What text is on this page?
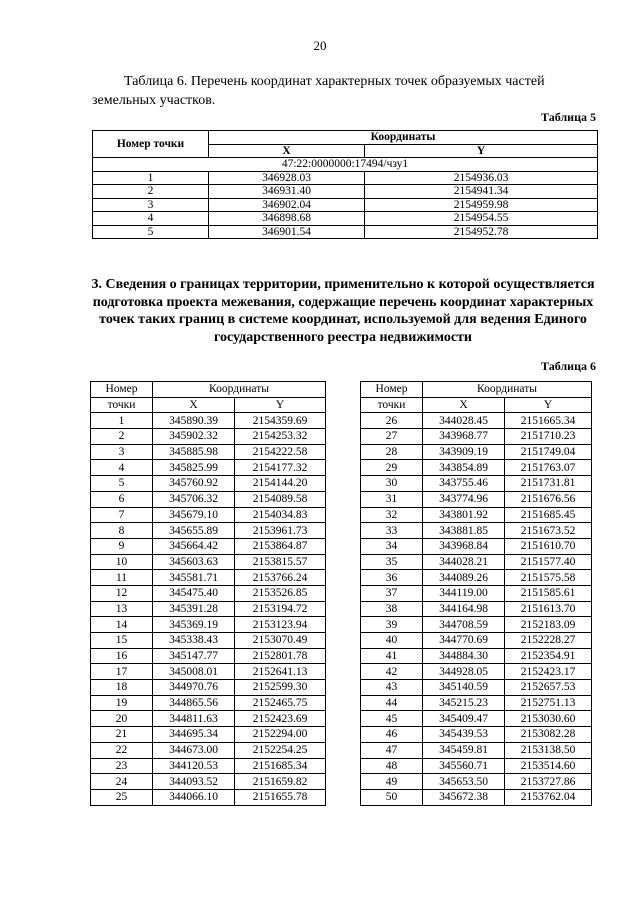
20
Таблица 6. Перечень координат характерных точек образуемых частей земельных участков.
Таблица 5
Номер точки	Координаты	
	X	Y
47:22:0000000:17494/чзу1		
1	346928.03	2154936.03
2	346931.40	2154941.34
3	346902.04	2154959.98
4	346898.68	2154954.55
5	346901.54	2154952.78
3. Сведения о границах территории, применительно к которой осуществляется подготовка проекта межевания, содержащие перечень координат характерных точек таких границ в системе координат, используемой для ведения Единого государственного реестра недвижимости
Таблица 6
Номер	Координаты	
точки	X	Y
1	345890.39	2154359.69
2	345902.32	2154253.32
3	345885.98	2154222.58
4	345825.99	2154177.32
5	345760.92	2154144.20
6	345706.32	2154089.58
7	345679.10	2154034.83
8	345655.89	2153961.73
9	345664.42	2153864.87
10	345603.63	2153815.57
11	345581.71	2153766.24
12	345475.40	2153526.85
13	345391.28	2153194.72
14	345369.19	2153123.94
15	345338.43	2153070.49
16	345147.77	2152801.78
17	345008.01	2152641.13
18	344970.76	2152599.30
19	344865.56	2152465.75
20	344811.63	2152423.69
21	344695.34	2152294.00
22	344673.00	2152254.25
23	344120.53	2151685.34
24	344093.52	2151659.82
25	344066.10	2151655.78
Номер	Координаты	
точки	X	Y
26	344028.45	2151665.34
27	343968.77	2151710.23
28	343909.19	2151749.04
29	343854.89	2151763.07
30	343755.46	2151731.81
31	343774.96	2151676.56
32	343801.92	2151685.45
33	343881.85	2151673.52
34	343968.84	2151610.70
35	344028.21	2151577.40
36	344089.26	2151575.58
37	344119.00	2151585.61
38	344164.98	2151613.70
39	344708.59	2152183.09
40	344770.69	2152228.27
41	344884.30	2152354.91
42	344928.05	2152423.17
43	345140.59	2152657.53
44	345215.23	2152751.13
45	345409.47	2153030.60
46	345439.53	2153082.28
47	345459.81	2153138.50
48	345560.71	2153514.60
49	345653.50	2153727.86
50	345672.38	2153762.04
